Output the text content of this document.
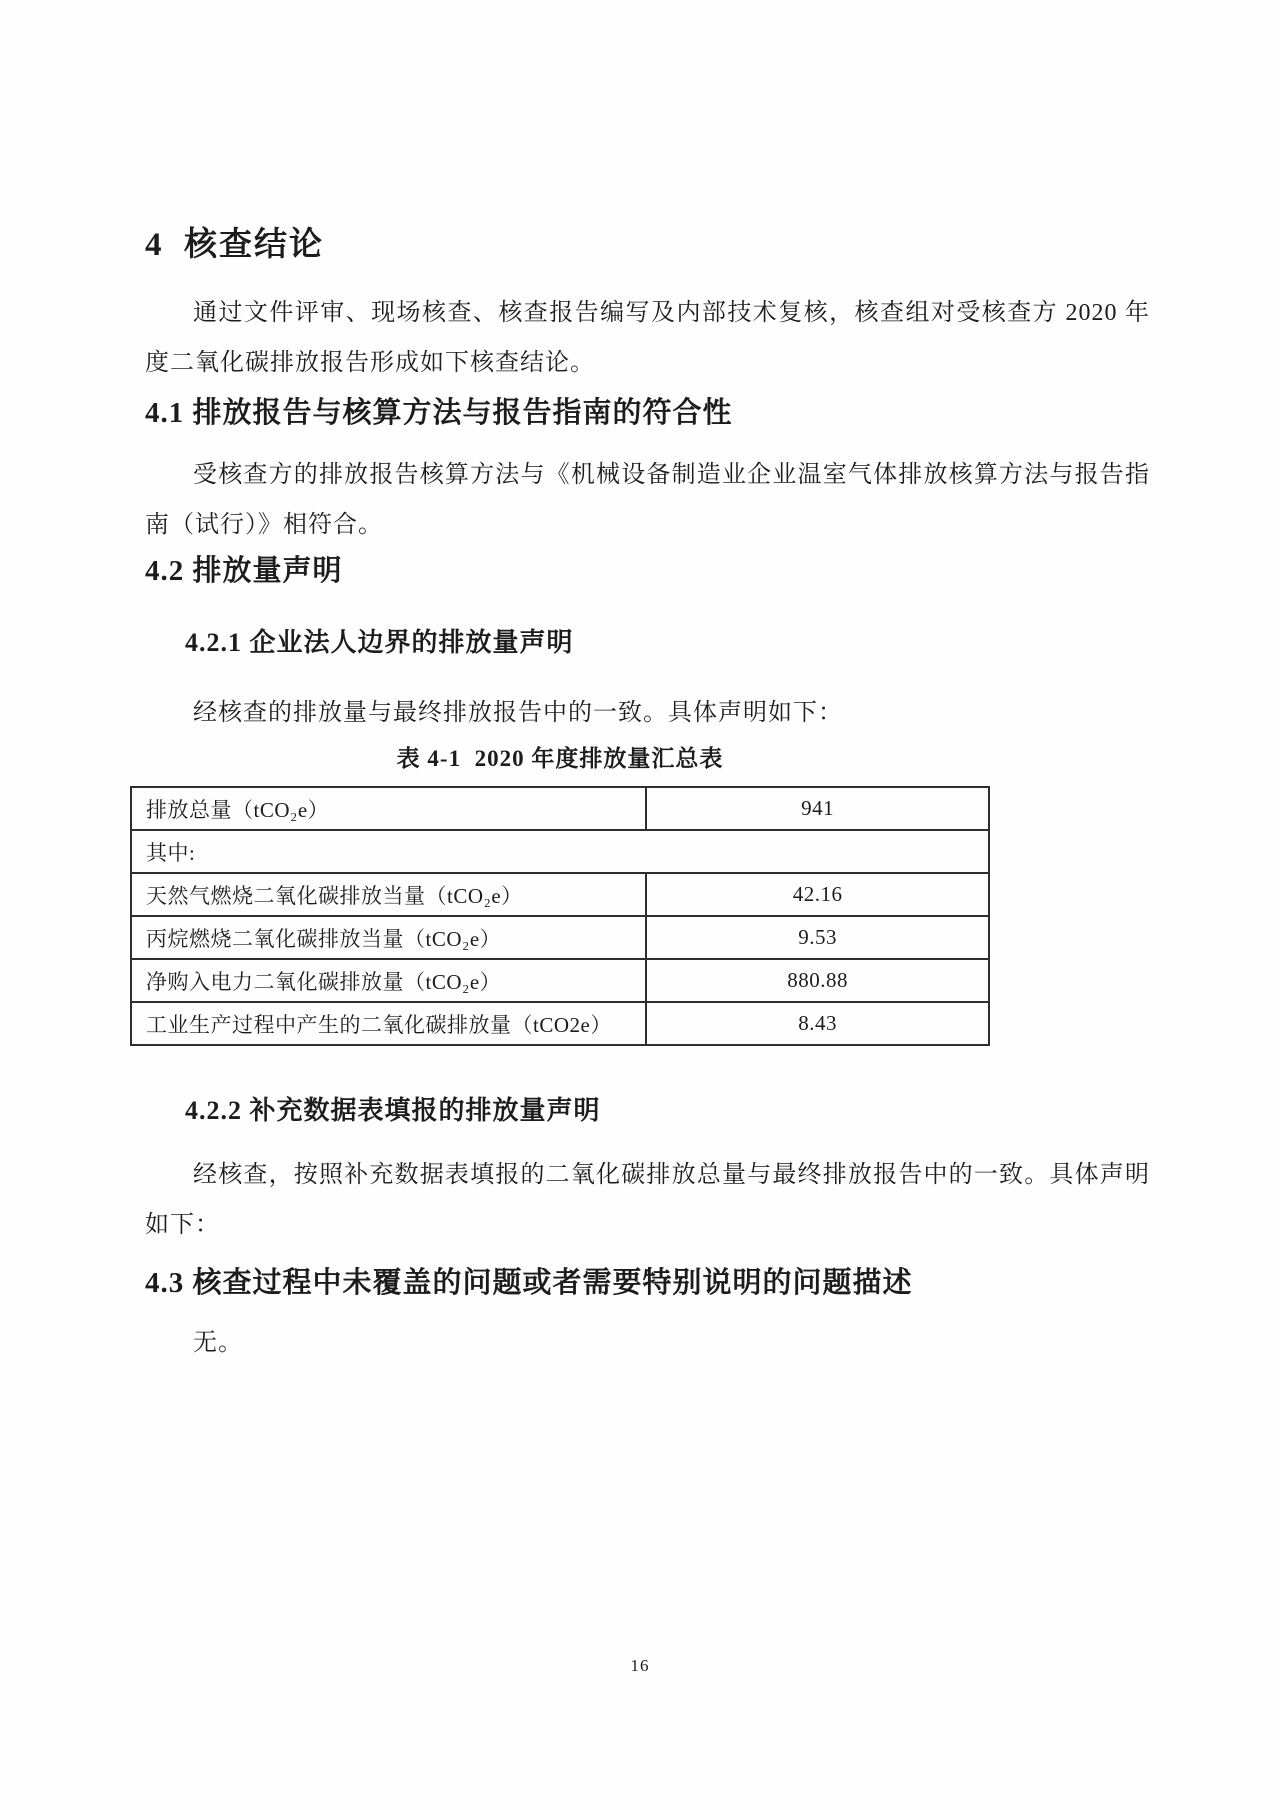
4  核查结论

通过文件评审、现场核查、核查报告编写及内部技术复核，核查组对受核查方 2020 年度二氧化碳排放报告形成如下核查结论。

4.1 排放报告与核算方法与报告指南的符合性

受核查方的排放报告核算方法与《机械设备制造业企业温室气体排放核算方法与报告指南（试行）》相符合。

4.2 排放量声明
4.2.1 企业法人边界的排放量声明

经核查的排放量与最终排放报告中的一致。具体声明如下：

表 4-1  2020 年度排放量汇总表
排放总量（tCO₂e）	941
其中:	
天然气燃烧二氧化碳排放当量（tCO₂e）	42.16
丙烷燃烧二氧化碳排放当量（tCO₂e）	9.53
净购入电力二氧化碳排放量（tCO₂e）	880.88
工业生产过程中产生的二氧化碳排放量（tCO2e）	8.43
4.2.2 补充数据表填报的排放量声明

经核查，按照补充数据表填报的二氧化碳排放总量与最终排放报告中的一致。具体声明如下：

4.3 核查过程中未覆盖的问题或者需要特别说明的问题描述

无。

16
